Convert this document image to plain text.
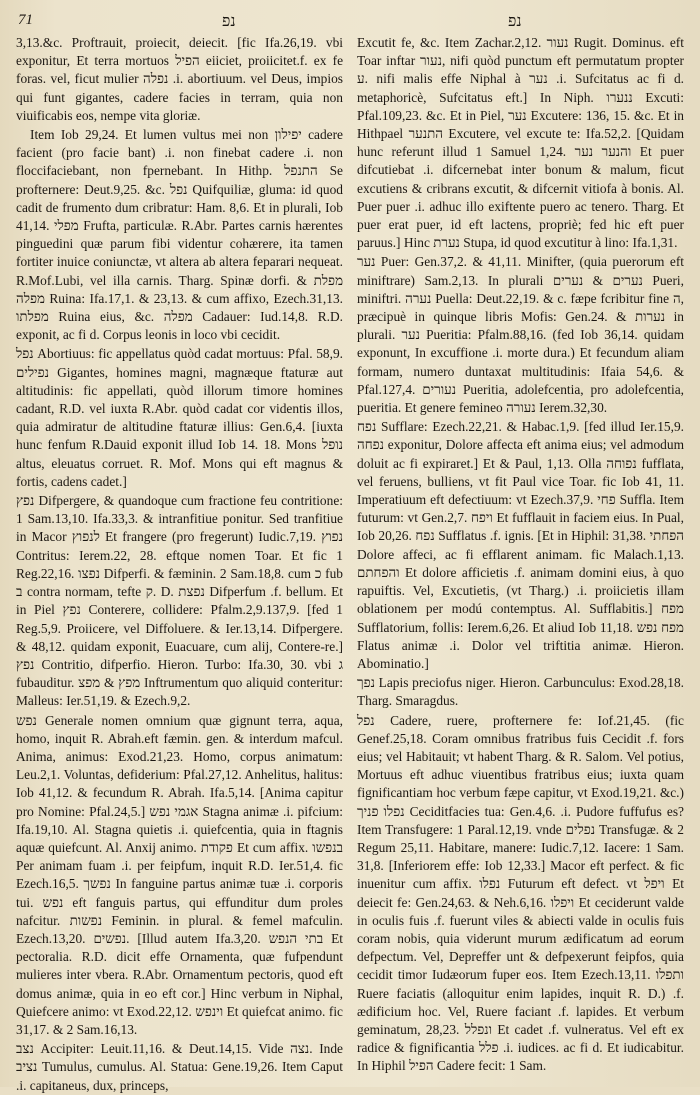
71	נפ	נפ

3,13.&c. Proftrauit, proiecit, deiecit. [fic Ifa.26,19. vbi exponitur, Et terra mortuos הפיל eiiciet, proiicitet.f. ex fe foras. vel, ficut mulier נפלה .i. abortiuum. vel Deus, impios qui funt gigantes, cadere facies in terram, quia non viuificabis eos, nempe vita gloriæ.

Item Iob 29,24. Et lumen vultus mei non יפילון cadere facient (pro facie bant) .i. non finebat cadere .i. non floccifaciebant, non fpernebant. In Hithp. התנפל Se profternere: Deut.9,25. &c. נפל Quifquiliæ, gluma: id quod cadit de frumento dum cribratur: Ham. 8,6. Et in plurali, Iob 41,14. מפלי Frufta, particulæ. R.Abr. Partes carnis hærentes pinguedini quæ parum fibi videntur cohærere, ita tamen fortiter inuice coniunctæ, vt altera ab altera feparari nequeat. R.Mof.Lubi, vel illa carnis. Tharg. Spinæ dorfi. מפלת & מפלה Ruina: Ifa.17,1. & 23,13. & cum affixo, Ezech.31,13. מפלתו Ruina eius, &c. מפלה Cadauer: Iud.14,8. R.D. exponit, ac fi d. Corpus leonis in loco vbi cecidit.

נפל Abortiuus: fic appellatus quòd cadat mortuus: Pfal. 58,9. נפילים Gigantes, homines magni, magnæque ftaturæ aut altitudinis: fic appellati, quòd illorum timore homines cadant, R.D. vel iuxta R.Abr. quòd cadat cor videntis illos, quia admiratur de altitudine ftaturæ illius: Gen.6,4. [iuxta hunc fenfum R.Dauid exponit illud Iob 14. 18. Mons נופל altus, eleuatus corruet. R. Mof. Mons qui eft magnus & fortis, cadens cadet.]

נפץ Difpergere, & quandoque cum fractione feu contritione: 1 Sam.13,10. Ifa.33,3. & intranfitiue ponitur. Sed tranfitiue in Macor לנפוץ Et frangere (pro fregerunt) Iudic.7,19. נפוץ Contritus: Ierem.22, 28. eftque nomen Toar. Et fic 1 Reg.22,16. נפצו Difperfi. & fæminin. 2 Sam.18,8. cum כ fub ב contra normam, tefte ק. D. נפצת Difperfum .f. bellum. Et in Piel נפץ Conterere, collidere: Pfalm.2,9.137,9. [fed 1 Reg.5,9. Proiicere, vel Diffoluere. & Ier.13,14. Difpergere. & 48,12. quidam exponit, Euacuare, cum alij, Contere-re.] נפץ Contritio, difperfio. Hieron. Turbo: Ifa.30, 30. vbi ג fubauditur. מפץ & מפצ Inftrumentum quo aliquid conteritur: Malleus: Ier.51,19. & Ezech.9,2.

נפש Generale nomen omnium quæ gignunt terra, aqua, homo, inquit R. Abrah.eft fæmin. gen. & interdum mafcul. Anima, animus: Exod.21,23. Homo, corpus animatum: Leu.2,1. Voluntas, defiderium: Pfal.27,12. Anhelitus, halitus: Iob 41,12. & fecundum R. Abrah. Ifa.5,14. [Anima capitur pro Nomine: Pfal.24,5.] אגמי נפש Stagna animæ .i. pifcium: Ifa.19,10. Al. Stagna quietis .i. quiefcentia, quia in ftagnis aquæ quiefcunt. Al. Anxij animo. פקודת Et cum affix. בנפשו Per animam fuam .i. per feipfum, inquit R.D. Ier.51,4. fic Ezech.16,5. נפשך In fanguine partus animæ tuæ .i. corporis tui. נפש eft fanguis partus, qui effunditur dum proles nafcitur. נפשות Feminin. in plural. & femel mafculin. Ezech.13,20. נפשים. [Illud autem Ifa.3,20. בתי הנפש Et pectoralia. R.D. dicit effe Ornamenta, quæ fufpendunt mulieres inter vbera. R.Abr. Ornamentum pectoris, quod eft domus animæ, quia in eo eft cor.] Hinc verbum in Niphal, Quiefcere animo: vt Exod.22,12. וינפש Et quiefcat animo. fic 31,17. & 2 Sam.16,13.

נצב Accipiter: Leuit.11,16. & Deut.14,15. Vide נצה. Inde נציב Tumulus, cumulus. Al. Statua: Gene.19,26. Item Caput .i. capitaneus, dux, princeps,

Excutit fe, &c. Item Zachar.2,12. נעור Rugit. Dominus. eft Toar inftar נעור, nifi quòd punctum eft permutatum propter ע. nifi malis effe Niphal à נער .i. Sufcitatus ac fi d. metaphoricè, Sufcitatus eft.] In Niph. ננערו Excuti: Pfal.109,23. &c. Et in Piel, נער Excutere: 136, 15. &c. Et in Hithpael התנער Excutere, vel excute te: Ifa.52,2. [Quidam hunc referunt illud 1 Samuel 1,24. והנער נער Et puer difcutiebat .i. difcernebat inter bonum & malum, ficut excutiens & cribrans excutit, & difcernit vitiofa à bonis. Al. Puer puer .i. adhuc illo exiftente puero ac tenero. Tharg. Et puer erat puer, id eft lactens, propriè; fed hic eft puer paruus.] Hinc נערת Stupa, id quod excutitur à lino: Ifa.1,31.

נער Puer: Gen.37,2. & 41,11. Minifter, (quia puerorum eft miniftrare) Sam.2,13. In plurali נערים & נערים Pueri, miniftri. נערה Puella: Deut.22,19. & c. fæpe fcribitur fine ה, præcipuè in quinque libris Mofis: Gen.24. & נערות in plurali. נער Pueritia: Pfalm.88,16. (fed Iob 36,14. quidam exponunt, In excuffione .i. morte dura.) Et fecundum aliam formam, numero duntaxat multitudinis: Ifaia 54,6. & Pfal.127,4. נעורים Pueritia, adolefcentia, pro adolefcentia, pueritia. Et genere femineo נעורה Ierem.32,30.

נפח Sufflare: Ezech.22,21. & Habac.1,9. [fed illud Ier.15,9. נפחה exponitur, Dolore affecta eft anima eius; vel admodum doluit ac fi expiraret.] Et & Paul, 1,13. Olla נפוחה fufflata, vel feruens, bulliens, vt fit Paul vice Toar. fic Iob 41, 11. Imperatiuum eft defectiuum: vt Ezech.37,9. פחי Suffla. Item futurum: vt Gen.2,7. ויפח Et fufflauit in faciem eius. In Pual, Iob 20,26. נפח Sufflatus .f. ignis. [Et in Hiphil: 31,38. הפחתי Dolore affeci, ac fi efflarent animam. fic Malach.1,13. והפחתם Et dolore afficietis .f. animam domini eius, à quo rapuiftis. Vel, Excutietis, (vt Tharg.) .i. proiicietis illam oblationem per modú contemptus. Al. Sufflabitis.] מפח Sufflatorium, follis: Ierem.6,26. Et aliud Iob 11,18. מפח נפש Flatus animæ .i. Dolor vel triftitia animæ. Hieron. Abominatio.]

נפך Lapis preciofus niger. Hieron. Carbunculus: Exod.28,18. Tharg. Smaragdus.

נפל Cadere, ruere, profternere fe: Iof.21,45. (fic Genef.25,18. Coram omnibus fratribus fuis Cecidit .f. fors eius; vel Habitauit; vt habent Tharg. & R. Salom. Vel potius, Mortuus eft adhuc viuentibus fratribus eius; iuxta quam fignificantiam hoc verbum fæpe capitur, vt Exod.19,21. &c.) נפלו פניך Ceciditfacies tua: Gen.4,6. .i. Pudore fuffufus es? Item Transfugere: 1 Paral.12,19. vnde נפלים Transfugæ. & 2 Regum 25,11. Habitare, manere: Iudic.7,12. Iacere: 1 Sam. 31,8. [Inferiorem effe: Iob 12,33.] Macor eft perfect. & fic inuenitur cum affix. נפלו Futurum eft defect. vt ויפל Et deiecit fe: Gen.24,63. & Neh.6,16. ויפלו Et ceciderunt valde in oculis fuis .f. fuerunt viles & abiecti valde in oculis fuis coram nobis, quia viderunt murum ædificatum ad eorum defpectum. Vel, Depreffer unt & defpexerunt feipfos, quia cecidit timor Iudæorum fuper eos. Item Ezech.13,11. ותפלו Ruere faciatis (alloquitur enim lapides, inquit R. D.) .f. ædificium hoc. Vel, Ruere faciant .f. lapides. Et verbum geminatum, 28,23. ונפלל Et cadet .f. vulneratus. Vel eft ex radice & fignificantia פלל .i. iudices. ac fi d. Et iudicabitur. In Hiphil הפיל Cadere fecit: 1 Sam.
